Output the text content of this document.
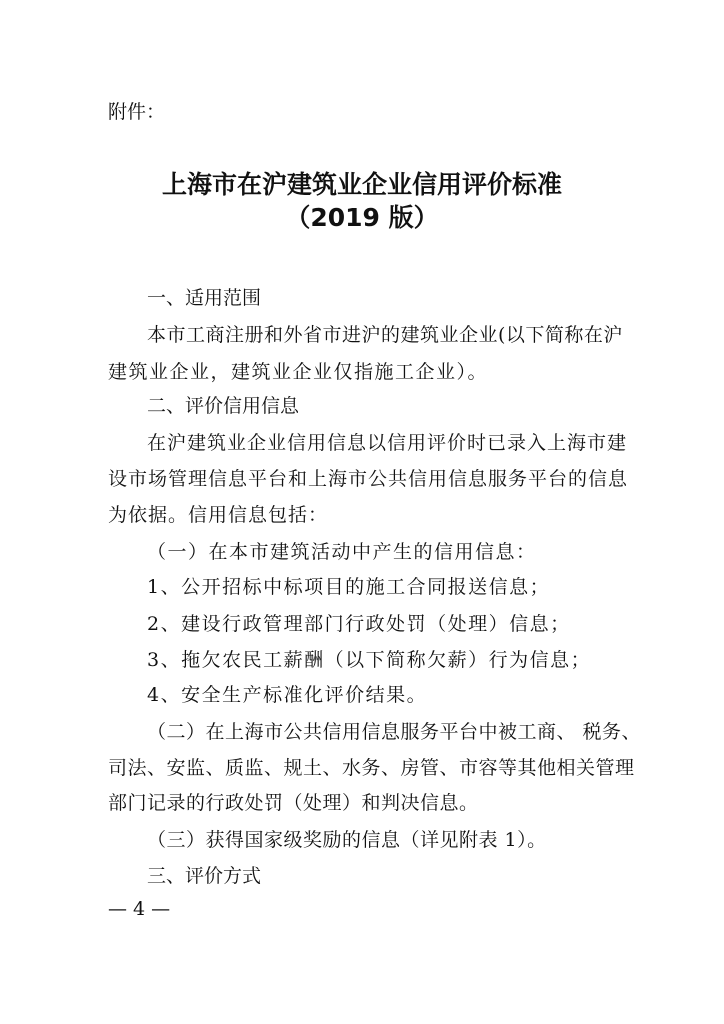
附件：
上海市在沪建筑业企业信用评价标准
（2019 版）
一、适用范围
本市工商注册和外省市进沪的建筑业企业(以下简称在沪
建筑业企业，建筑业企业仅指施工企业）。
二、评价信用信息
在沪建筑业企业信用信息以信用评价时已录入上海市建
设市场管理信息平台和上海市公共信用信息服务平台的信息
为依据。信用信息包括：
（一）在本市建筑活动中产生的信用信息：
1、公开招标中标项目的施工合同报送信息；
2、建设行政管理部门行政处罚（处理）信息；
3、拖欠农民工薪酬（以下简称欠薪）行为信息；
4、安全生产标准化评价结果。
（二）在上海市公共信用信息服务平台中被工商、 税务、
司法、安监、质监、规土、水务、房管、市容等其他相关管理
部门记录的行政处罚（处理）和判决信息。
（三）获得国家级奖励的信息（详见附表 1）。
三、评价方式
— 4 —
